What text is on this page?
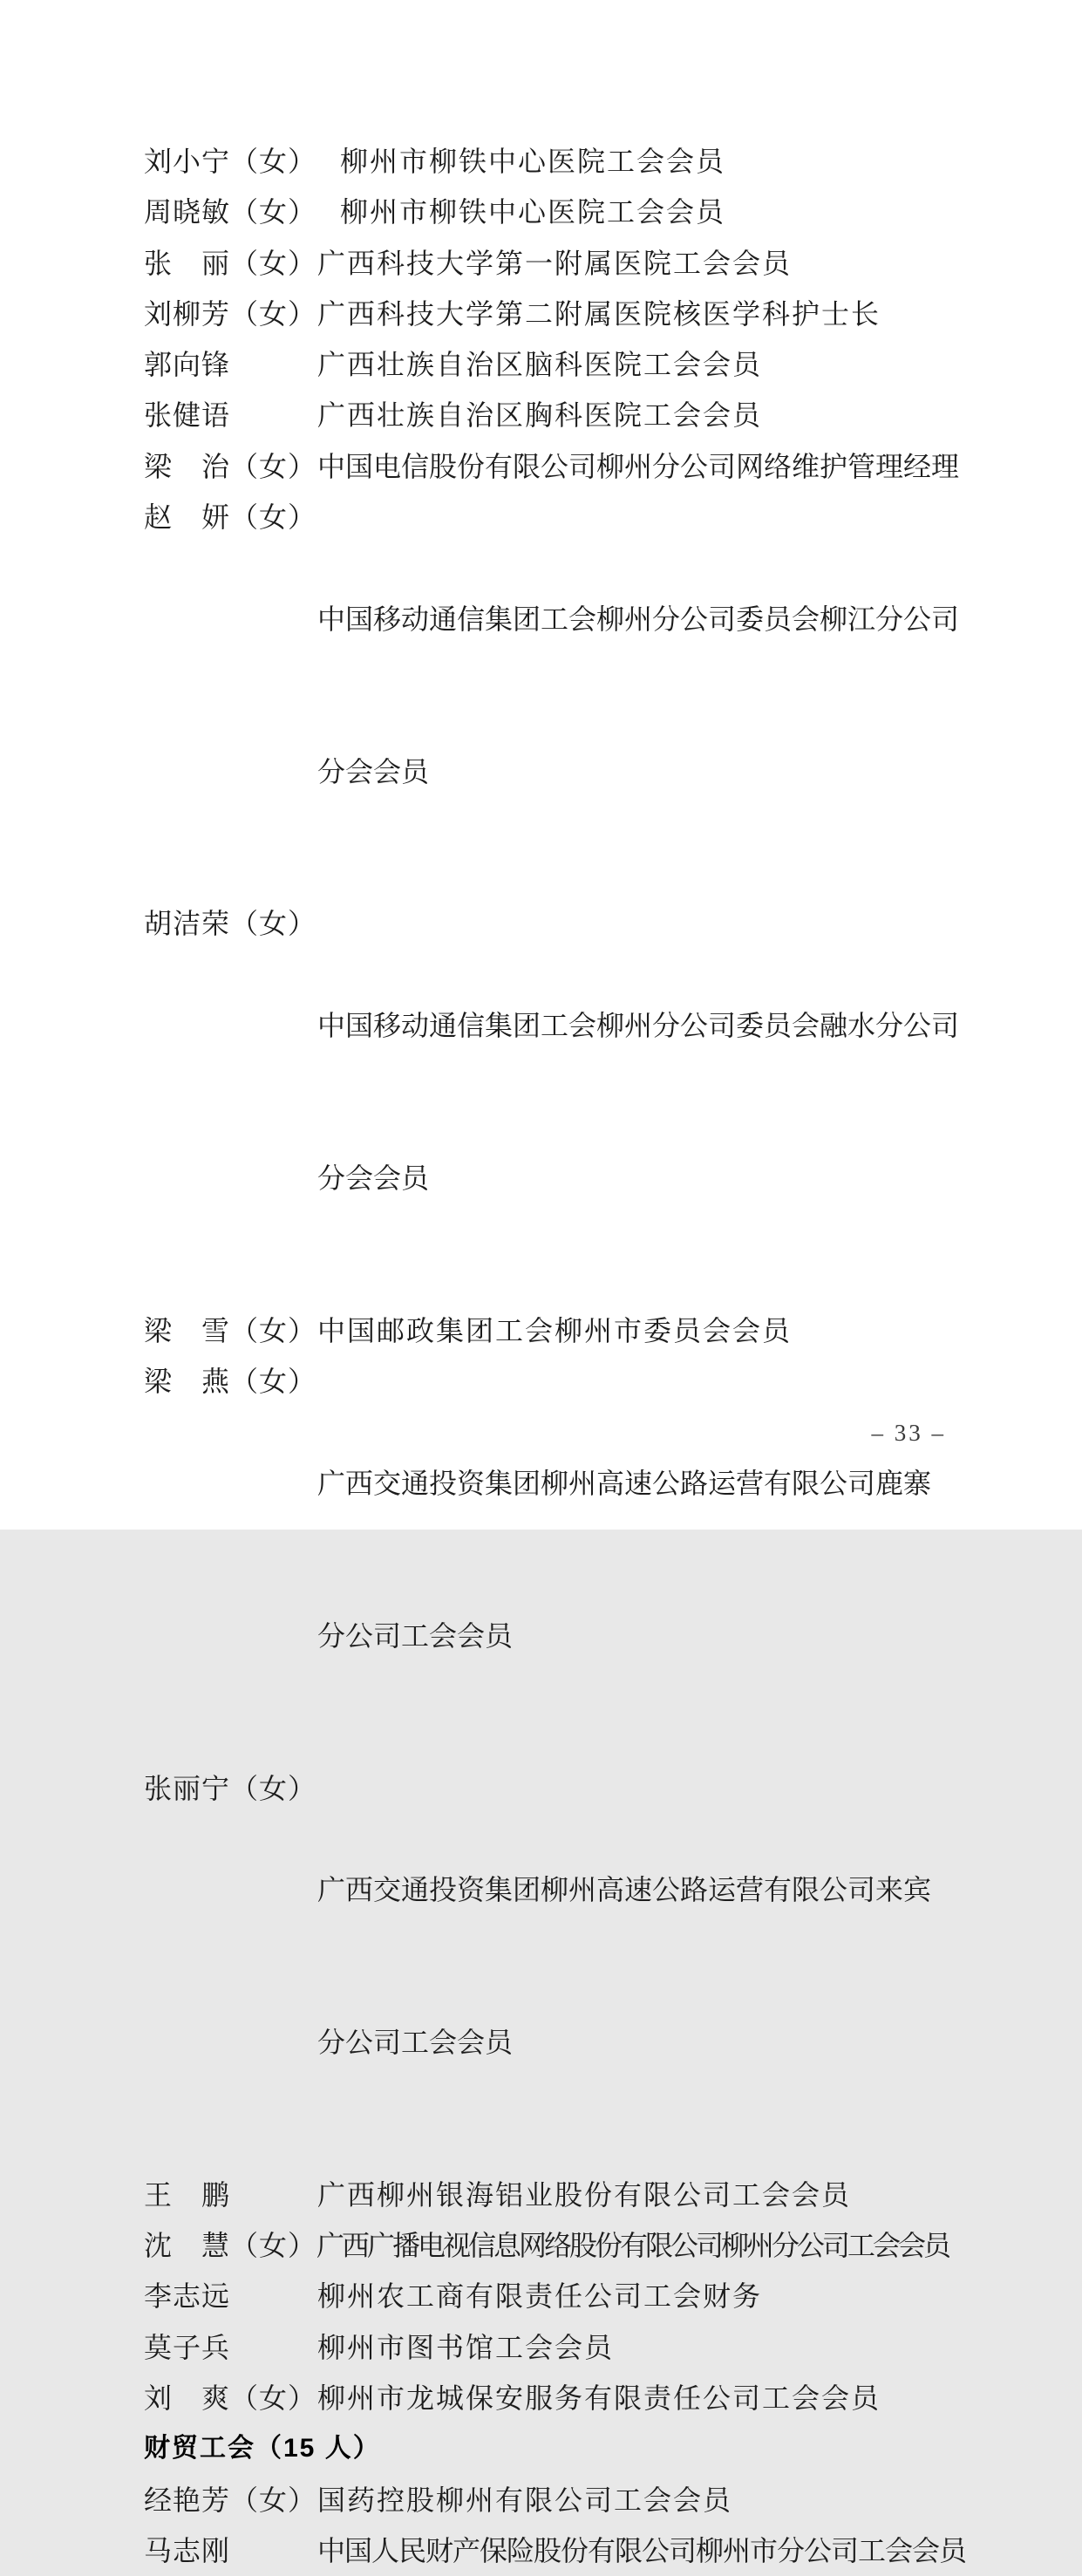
刘小宁（女） 柳州市柳铁中心医院工会会员
周晓敏（女） 柳州市柳铁中心医院工会会员
张　丽（女） 广西科技大学第一附属医院工会会员
刘柳芳（女） 广西科技大学第二附属医院核医学科护士长
郭向锋	广西壮族自治区脑科医院工会会员
张健语	广西壮族自治区胸科医院工会会员
梁　治（女） 中国电信股份有限公司柳州分公司网络维护管理经理
赵　妍（女）

中国移动通信集团工会柳州分公司委员会柳江分公司

分会会员

胡洁荣（女）

中国移动通信集团工会柳州分公司委员会融水分公司

分会会员

梁　雪（女） 中国邮政集团工会柳州市委员会会员
梁　燕（女）

广西交通投资集团柳州高速公路运营有限公司鹿寨

分公司工会会员

张丽宁（女）

广西交通投资集团柳州高速公路运营有限公司来宾

分公司工会会员

王　鹏	广西柳州银海铝业股份有限公司工会会员
沈　慧（女） 广西广播电视信息网络股份有限公司柳州分公司工会会员
李志远	柳州农工商有限责任公司工会财务
莫子兵	柳州市图书馆工会会员
刘　爽（女） 柳州市龙城保安服务有限责任公司工会会员
财贸工会（15 人）
经艳芳（女） 国药控股柳州有限公司工会会员
马志刚	中国人民财产保险股份有限公司柳州市分公司工会会员
– 33 –
